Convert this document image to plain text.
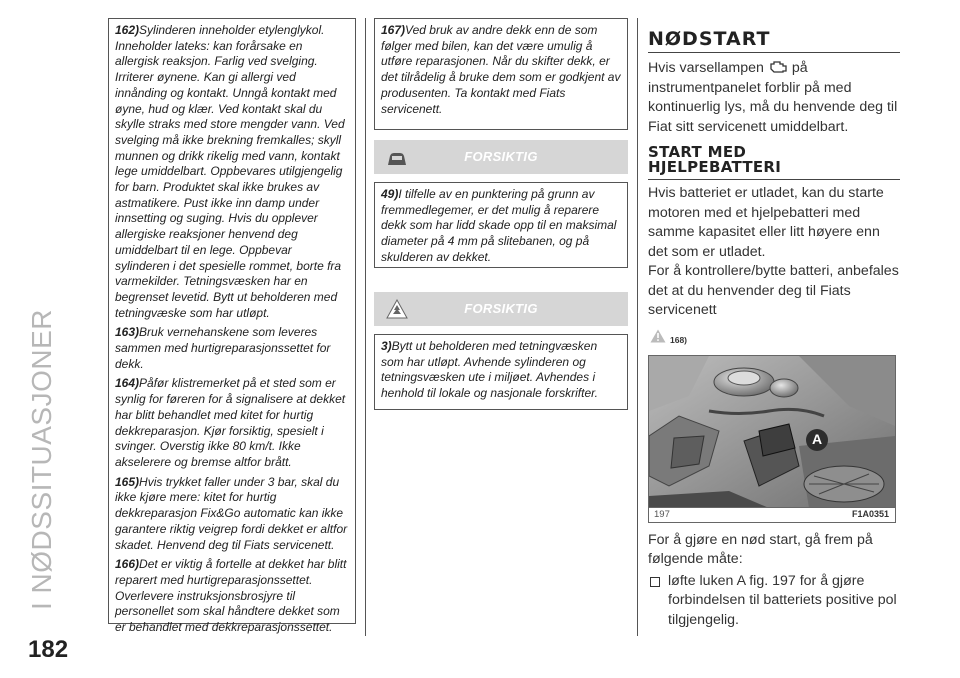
I NØDSSITUASJONER
182

162)Sylinderen inneholder etylenglykol. Inneholder lateks: kan forårsake en allergisk reaksjon. Farlig ved svelging. Irriterer øynene. Kan gi allergi ved innånding og kontakt. Unngå kontakt med øyne, hud og klær. Ved kontakt skal du skylle straks med store mengder vann. Ved svelging må ikke brekning fremkalles; skyll munnen og drikk rikelig med vann, kontakt lege umiddelbart. Oppbevares utilgjengelig for barn. Produktet skal ikke brukes av astmatikere. Pust ikke inn damp under innsetting og suging. Hvis du opplever allergiske reaksjoner henvend deg umiddelbart til en lege. Oppbevar sylinderen i det spesielle rommet, borte fra varmekilder. Tetningsvæsken har en begrenset levetid. Bytt ut beholderen med tetningvæske som har utløpt.

163)Bruk vernehanskene som leveres sammen med hurtigreparasjonssettet for dekk.

164)Påfør klistremerket på et sted som er synlig for føreren for å signalisere at dekket har blitt behandlet med kitet for hurtig dekkreparasjon. Kjør forsiktig, spesielt i svinger. Overstig ikke 80 km/t. Ikke akselerere og bremse altfor brått.

165)Hvis trykket faller under 3 bar, skal du ikke kjøre mere: kitet for hurtig dekkreparasjon Fix&Go automatic kan ikke garantere riktig veigrep fordi dekket er altfor skadet. Henvend deg til Fiats servicenett.

166)Det er viktig å fortelle at dekket har blitt reparert med hurtigreparasjonssettet. Overlevere instruksjonsbrosjyre til personellet som skal håndtere dekket som er behandlet med dekkreparasjonssettet.

167)Ved bruk av andre dekk enn de som følger med bilen, kan det være umulig å utføre reparasjonen. Når du skifter dekk, er det tilrådelig å bruke dem som er godkjent av produsenten. Ta kontakt med Fiats servicenett.

FORSIKTIG

49)I tilfelle av en punktering på grunn av fremmedlegemer, er det mulig å reparere dekk som har lidd skade opp til en maksimal diameter på 4 mm på slitebanen, og på skulderen av dekket.

FORSIKTIG

3)Bytt ut beholderen med tetningvæsken som har utløpt. Avhende sylinderen og tetningsvæsken ute i miljøet. Avhendes i henhold til lokale og nasjonale forskrifter.

NØDSTART

Hvis varsellampen på instrumentpanelet forblir på med kontinuerlig lys, må du henvende deg til Fiat sitt servicenett umiddelbart.

START MED
HJELPEBATTERI

Hvis batteriet er utladet, kan du starte motoren med et hjelpebatteri med samme kapasitet eller litt høyere enn det som er utladet.

For å kontrollere/bytte batteri, anbefales det at du henvender deg til Fiats servicenett

168)
A
197	F1A0351

For å gjøre en nød start, gå frem på følgende måte:

løfte luken A fig. 197 for å gjøre forbindelsen til batteriets positive pol tilgjengelig.
